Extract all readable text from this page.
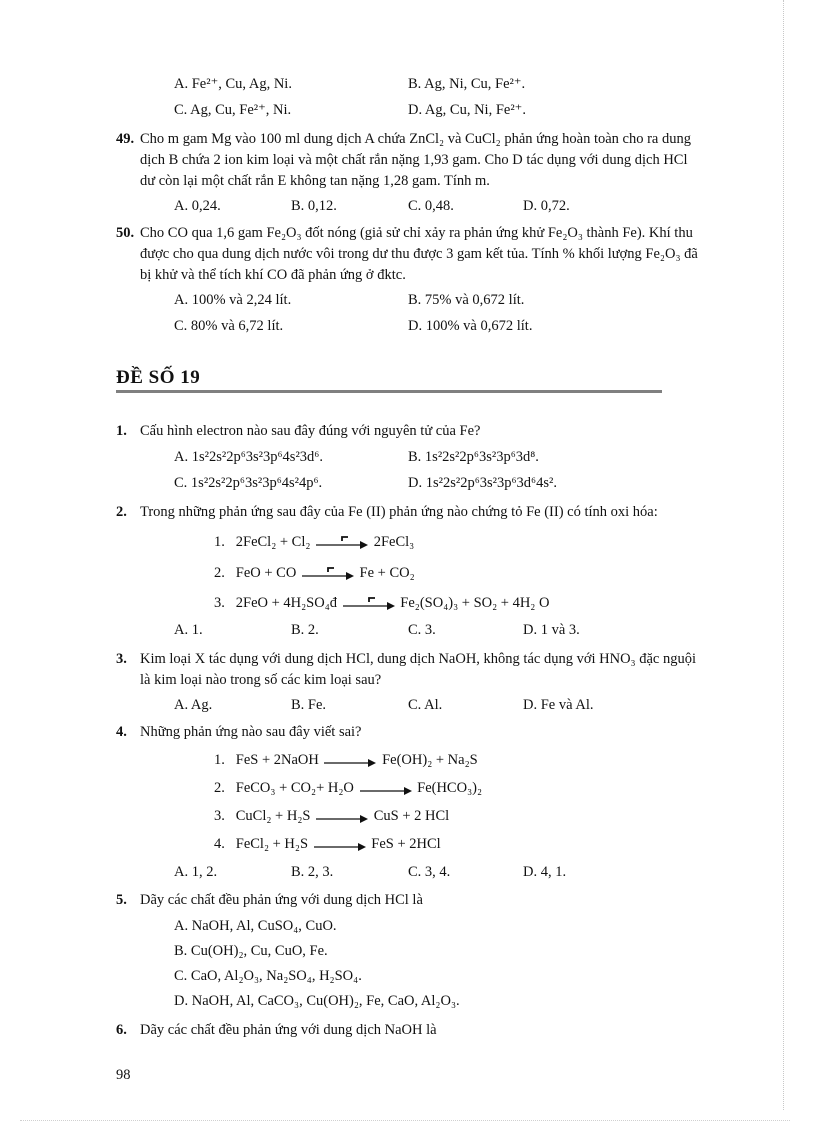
A. Fe²⁺, Cu, Ag, Ni.	B. Ag, Ni, Cu, Fe²⁺.
C. Ag, Cu, Fe²⁺, Ni.	D. Ag, Cu, Ni, Fe²⁺.
49. Cho m gam Mg vào 100 ml dung dịch A chứa ZnCl₂ và CuCl₂ phản ứng hoàn toàn cho ra dung
dịch B chứa 2 ion kim loại và một chất rắn nặng 1,93 gam. Cho D tác dụng với dung dịch HCl
dư còn lại một chất rắn E không tan nặng 1,28 gam. Tính m.
A. 0,24.	B. 0,12.	C. 0,48.	D. 0,72.
50. Cho CO qua 1,6 gam Fe₂O₃ đốt nóng (giả sử chỉ xảy ra phản ứng khử Fe₂O₃ thành Fe). Khí thu
được cho qua dung dịch nước vôi trong dư thu được 3 gam kết tủa. Tính % khối lượng Fe₂O₃ đã
bị khử và thể tích khí CO đã phản ứng ở đktc.
A. 100% và 2,24 lít.	B. 75% và 0,672 lít.
C. 80% và 6,72 lít.	D. 100% và 0,672 lít.
ĐỀ SỐ 19
1. Cấu hình electron nào sau đây đúng với nguyên tử của Fe?
A. 1s²2s²2p⁶3s²3p⁶4s²3d⁶.	B. 1s²2s²2p⁶3s²3p⁶3d⁸.
C. 1s²2s²2p⁶3s²3p⁶4s²4p⁶.	D. 1s²2s²2p⁶3s²3p⁶3d⁶4s².
2. Trong những phản ứng sau đây của Fe (II) phản ứng nào chứng tỏ Fe (II) có tính oxi hóa:
1. 2FeCl₂ + Cl₂	2FeCl₃
2. FeO + CO	Fe + CO₂
3. 2FeO + 4H₂SO₄đ	Fe₂(SO₄)₃ + SO₂ + 4H₂ O
A. 1.	B. 2.	C. 3.	D. 1 và 3.
3. Kim loại X tác dụng với dung dịch HCl, dung dịch NaOH, không tác dụng với HNO₃ đặc nguội
là kim loại nào trong số các kim loại sau?
A. Ag.	B. Fe.	C. Al.	D. Fe và Al.
4. Những phản ứng nào sau đây viết sai?
1. FeS + 2NaOH	Fe(OH)₂ + Na₂S
2. FeCO₃ + CO₂+ H₂O	Fe(HCO₃)₂
3. CuCl₂ + H₂S	CuS + 2 HCl
4. FeCl₂ + H₂S	FeS + 2HCl
A. 1, 2.	B. 2, 3.	C. 3, 4.	D. 4, 1.
5. Dãy các chất đều phản ứng với dung dịch HCl là
A. NaOH, Al, CuSO₄, CuO.
B. Cu(OH)₂, Cu, CuO, Fe.
C. CaO, Al₂O₃, Na₂SO₄, H₂SO₄.
D. NaOH, Al, CaCO₃, Cu(OH)₂, Fe, CaO, Al₂O₃.
6. Dãy các chất đều phản ứng với dung dịch NaOH là
98
